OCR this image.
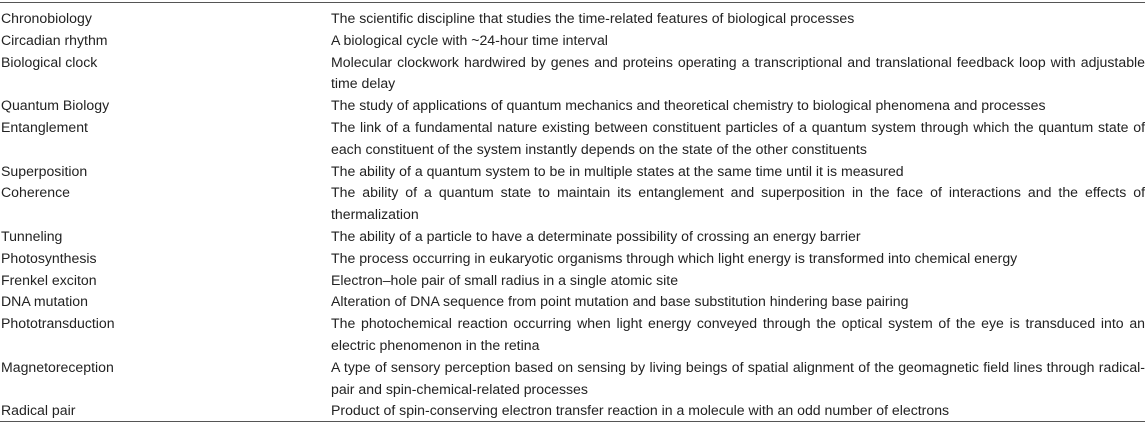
Chronobiology	The scientific discipline that studies the time-related features of biological processes
Circadian rhythm	A biological cycle with ~24-hour time interval
Biological clock	Molecular clockwork hardwired by genes and proteins operating a transcriptional and translational feedback loop with adjustable time delay
Quantum Biology	The study of applications of quantum mechanics and theoretical chemistry to biological phenomena and processes
Entanglement	The link of a fundamental nature existing between constituent particles of a quantum system through which the quantum state of each constituent of the system instantly depends on the state of the other constituents
Superposition	The ability of a quantum system to be in multiple states at the same time until it is measured
Coherence	The ability of a quantum state to maintain its entanglement and superposition in the face of interactions and the effects of thermalization
Tunneling	The ability of a particle to have a determinate possibility of crossing an energy barrier
Photosynthesis	The process occurring in eukaryotic organisms through which light energy is transformed into chemical energy
Frenkel exciton	Electron–hole pair of small radius in a single atomic site
DNA mutation	Alteration of DNA sequence from point mutation and base substitution hindering base pairing
Phototransduction	The photochemical reaction occurring when light energy conveyed through the optical system of the eye is transduced into an electric phenomenon in the retina
Magnetoreception	A type of sensory perception based on sensing by living beings of spatial alignment of the geomagnetic field lines through radical-pair and spin-chemical-related processes
Radical pair	Product of spin-conserving electron transfer reaction in a molecule with an odd number of electrons
